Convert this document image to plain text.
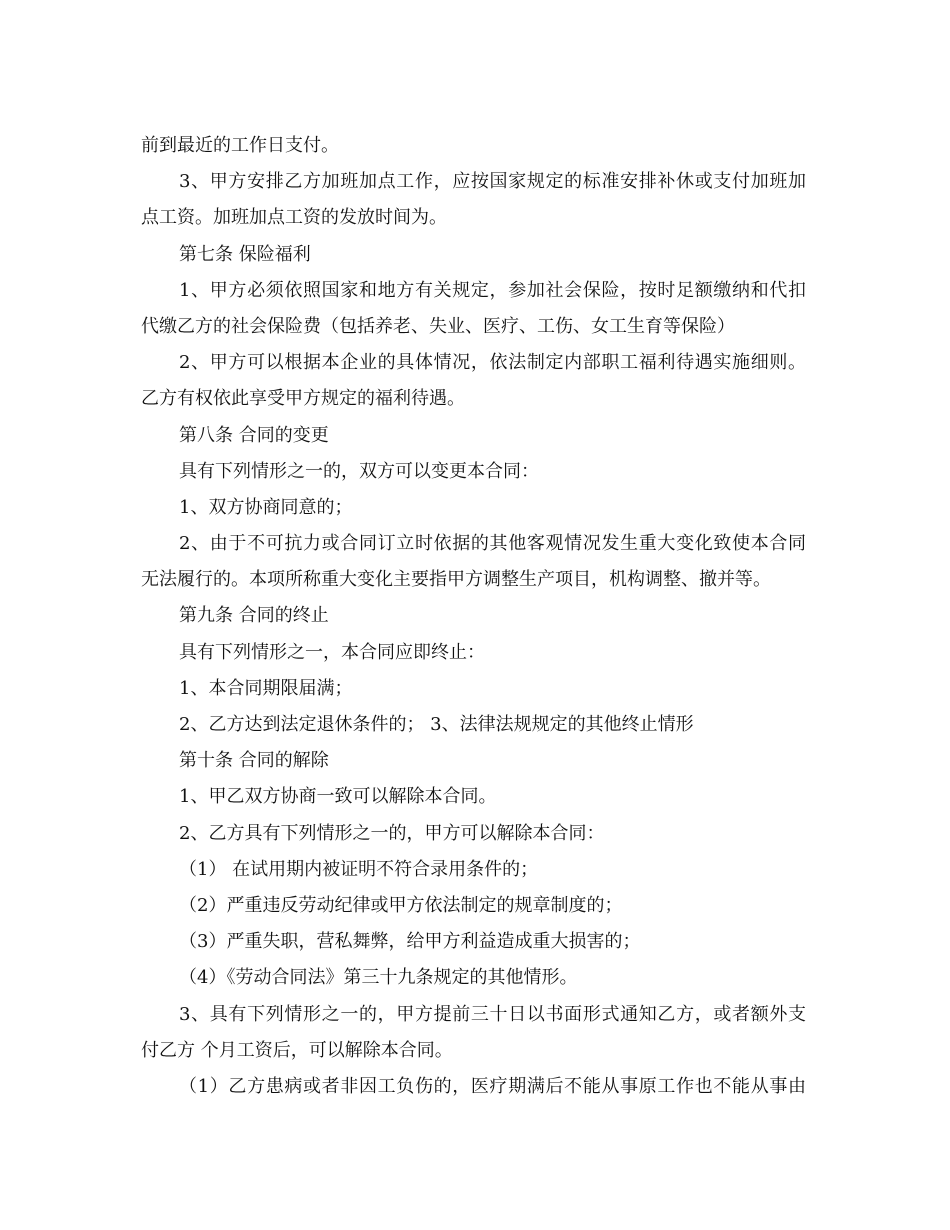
前到最近的工作日支付。
3、甲方安排乙方加班加点工作，应按国家规定的标准安排补休或支付加班加
点工资。加班加点工资的发放时间为。
第七条 保险福利
1、甲方必须依照国家和地方有关规定，参加社会保险，按时足额缴纳和代扣
代缴乙方的社会保险费（包括养老、失业、医疗、工伤、女工生育等保险）
2、甲方可以根据本企业的具体情况，依法制定内部职工福利待遇实施细则。
乙方有权依此享受甲方规定的福利待遇。
第八条 合同的变更
具有下列情形之一的，双方可以变更本合同：
1、双方协商同意的；
2、由于不可抗力或合同订立时依据的其他客观情况发生重大变化致使本合同
无法履行的。本项所称重大变化主要指甲方调整生产项目，机构调整、撤并等。
第九条 合同的终止
具有下列情形之一，本合同应即终止：
1、本合同期限届满；
2、乙方达到法定退休条件的； 3、法律法规规定的其他终止情形
第十条 合同的解除
1、甲乙双方协商一致可以解除本合同。
2、乙方具有下列情形之一的，甲方可以解除本合同：
（1） 在试用期内被证明不符合录用条件的；
（2）严重违反劳动纪律或甲方依法制定的规章制度的；
（3）严重失职，营私舞弊，给甲方利益造成重大损害的；
（4）《劳动合同法》第三十九条规定的其他情形。
3、具有下列情形之一的，甲方提前三十日以书面形式通知乙方，或者额外支
付乙方 个月工资后，可以解除本合同。
（1）乙方患病或者非因工负伤的，医疗期满后不能从事原工作也不能从事由
